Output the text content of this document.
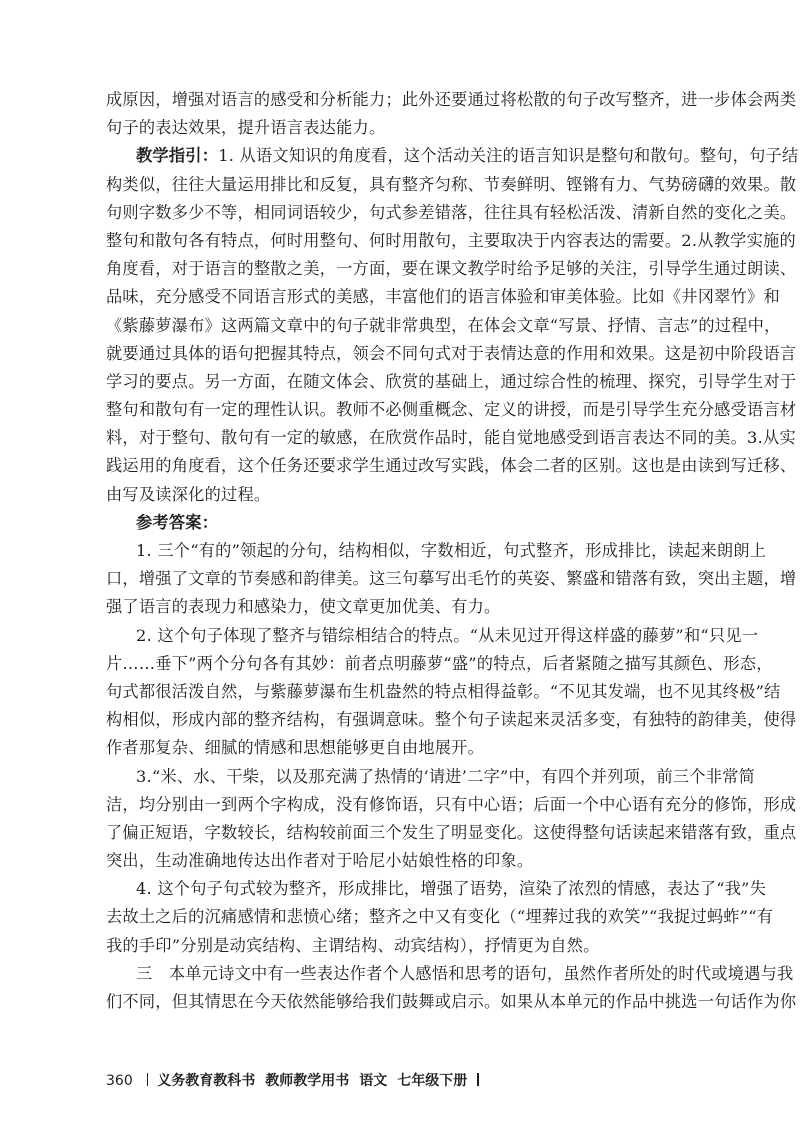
成原因，增强对语言的感受和分析能力；此外还要通过将松散的句子改写整齐，进一步体会两类
句子的表达效果，提升语言表达能力。
教学指引：1. 从语文知识的角度看，这个活动关注的语言知识是整句和散句。整句，句子结
构类似，往往大量运用排比和反复，具有整齐匀称、节奏鲜明、铿锵有力、气势磅礴的效果。散
句则字数多少不等，相同词语较少，句式参差错落，往往具有轻松活泼、清新自然的变化之美。
整句和散句各有特点，何时用整句、何时用散句，主要取决于内容表达的需要。2.从教学实施的
角度看，对于语言的整散之美，一方面，要在课文教学时给予足够的关注，引导学生通过朗读、
品味，充分感受不同语言形式的美感，丰富他们的语言体验和审美体验。比如《井冈翠竹》和
《紫藤萝瀑布》这两篇文章中的句子就非常典型，在体会文章“写景、抒情、言志”的过程中，
就要通过具体的语句把握其特点，领会不同句式对于表情达意的作用和效果。这是初中阶段语言
学习的要点。另一方面，在随文体会、欣赏的基础上，通过综合性的梳理、探究，引导学生对于
整句和散句有一定的理性认识。教师不必侧重概念、定义的讲授，而是引导学生充分感受语言材
料，对于整句、散句有一定的敏感，在欣赏作品时，能自觉地感受到语言表达不同的美。3.从实
践运用的角度看，这个任务还要求学生通过改写实践，体会二者的区别。这也是由读到写迁移、
由写及读深化的过程。
参考答案：
1. 三个“有的”领起的分句，结构相似，字数相近，句式整齐，形成排比，读起来朗朗上
口，增强了文章的节奏感和韵律美。这三句摹写出毛竹的英姿、繁盛和错落有致，突出主题，增
强了语言的表现力和感染力，使文章更加优美、有力。
2. 这个句子体现了整齐与错综相结合的特点。“从未见过开得这样盛的藤萝”和“只见一
片……垂下”两个分句各有其妙：前者点明藤萝“盛”的特点，后者紧随之描写其颜色、形态，
句式都很活泼自然，与紫藤萝瀑布生机盎然的特点相得益彰。“不见其发端，也不见其终极”结
构相似，形成内部的整齐结构，有强调意味。整个句子读起来灵活多变，有独特的韵律美，使得
作者那复杂、细腻的情感和思想能够更自由地展开。
3.“米、水、干柴，以及那充满了热情的‘请进’二字”中，有四个并列项，前三个非常简
洁，均分别由一到两个字构成，没有修饰语，只有中心语；后面一个中心语有充分的修饰，形成
了偏正短语，字数较长，结构较前面三个发生了明显变化。这使得整句话读起来错落有致，重点
突出，生动准确地传达出作者对于哈尼小姑娘性格的印象。
4. 这个句子句式较为整齐，形成排比，增强了语势，渲染了浓烈的情感，表达了“我”失
去故土之后的沉痛感情和悲愤心绪；整齐之中又有变化（“埋葬过我的欢笑”“我捉过蚂蚱”“有
我的手印”分别是动宾结构、主谓结构、动宾结构），抒情更为自然。
三　本单元诗文中有一些表达作者个人感悟和思考的语句，虽然作者所处的时代或境遇与我
们不同，但其情思在今天依然能够给我们鼓舞或启示。如果从本单元的作品中挑选一句话作为你
360 义务教育教科书 教师教学用书 语文 七年级下册
